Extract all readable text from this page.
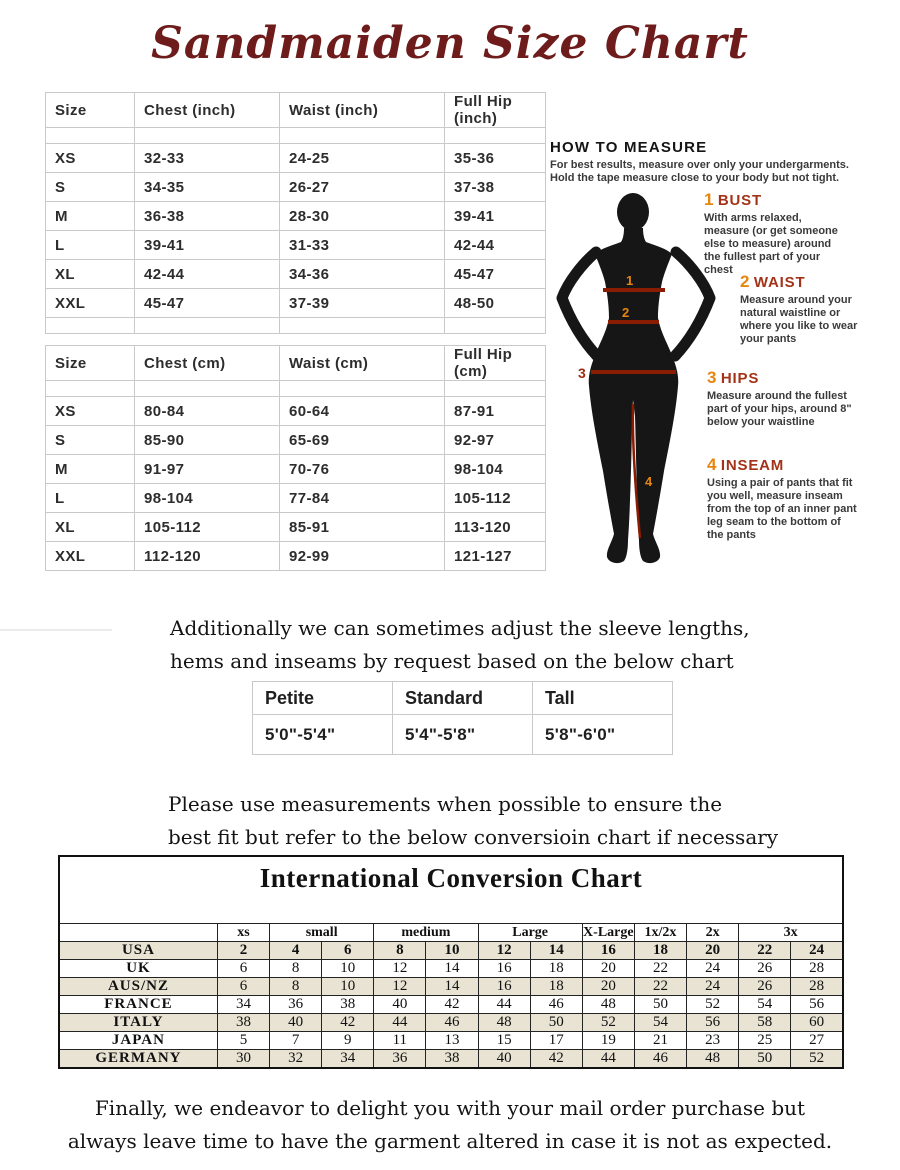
Sandmaiden Size Chart
Size	Chest (inch)	Waist (inch)	Full Hip (inch)

XS	32-33	24-25	35-36
S	34-35	26-27	37-38
M	36-38	28-30	39-41
L	39-41	31-33	42-44
XL	42-44	34-36	45-47
XXL	45-47	37-39	48-50

Size	Chest (cm)	Waist (cm)	Full Hip (cm)

XS	80-84	60-64	87-91
S	85-90	65-69	92-97
M	91-97	70-76	98-104
L	98-104	77-84	105-112
XL	105-112	85-91	113-120
XXL	112-120	92-99	121-127
HOW TO MEASURE
For best results, measure over only your undergarments.
Hold the tape measure close to your body but not tight.
1
2
3
4
1 BUST
With arms relaxed, measure (or get someone else to measure) around the fullest part of your chest
2 WAIST
Measure around your natural waistline or where you like to wear your pants
3 HIPS
Measure around the fullest part of your hips, around 8" below your waistline
4 INSEAM
Using a pair of pants that fit you well, measure inseam from the top of an inner pant leg seam to the bottom of the pants
Additionally we can sometimes adjust the sleeve lengths,
hems and inseams by request based on the below chart
Petite	Standard	Tall
5'0"-5'4"	5'4"-5'8"	5'8"-6'0"
Please use measurements when possible to ensure the
best fit but refer to the below conversioin chart if necessary
International Conversion Chart												
	xs	small		medium		Large		X-Large	1x/2x	2x	3x	
USA	2	4	6	8	10	12	14	16	18	20	22	24
UK	6	8	10	12	14	16	18	20	22	24	26	28
AUS/NZ	6	8	10	12	14	16	18	20	22	24	26	28
FRANCE	34	36	38	40	42	44	46	48	50	52	54	56
ITALY	38	40	42	44	46	48	50	52	54	56	58	60
JAPAN	5	7	9	11	13	15	17	19	21	23	25	27
GERMANY	30	32	34	36	38	40	42	44	46	48	50	52
Finally, we endeavor to delight you with your mail order purchase but
always leave time to have the garment altered in case it is not as expected.
